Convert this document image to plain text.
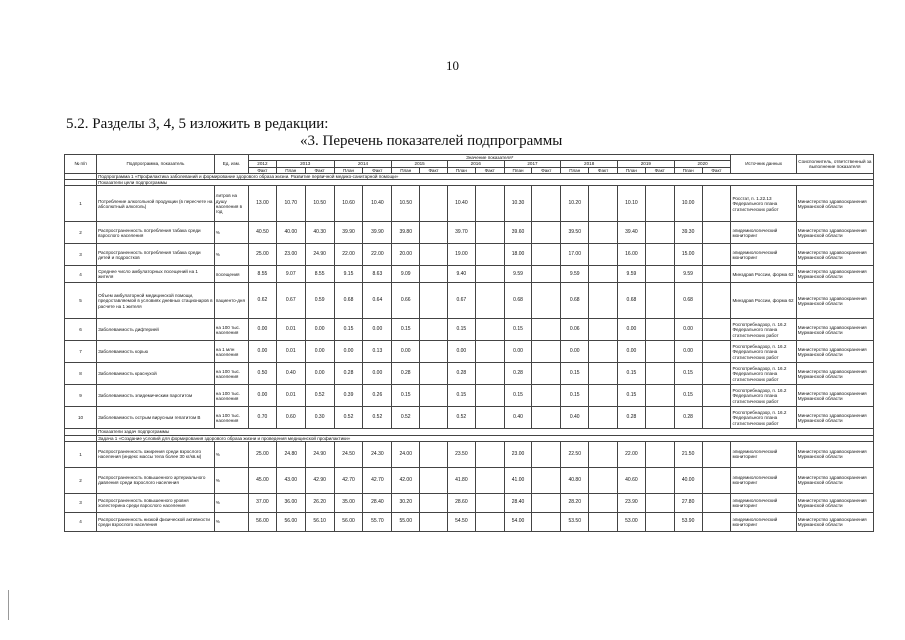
10
5.2. Разделы 3, 4, 5 изложить в редакции:
«3. Перечень показателей подпрограммы
№ п/п	Подпрограмма, показатель	Ед. изм.	Значение показателя*																	Источник данных	Соисполнитель, ответственный за выполнение показателя
			2012	2013		2014		2015		2016		2017		2018		2019		2020			
			Факт	План	Факт	План	Факт	План	Факт	План	Факт	План	Факт	План	Факт	План	Факт	План	Факт		
	Подпрограмма 1 «Профилактика заболеваний и формирование здорового образа жизни. Развитие первичной медико-санитарной помощи»																				
	Показатели цели подпрограммы																				
1	Потребление алкогольной продукции (в пересчете на абсолютный алкоголь)	литров на душу населения в год	13.00	10.70	10.50	10.60	10.40	10.50		10.40		10.30		10.20		10.10		10.00		Росстат, п. 1.22.13 Федерального плана статистических работ	Министерство здравоохранения Мурманской области
2	Распространенность потребления табака среди взрослого населения	%	40.50	40.00	40.30	39.90	39.90	39.80		39.70		39.60		39.50		39.40		39.30		эпидемиологический мониторинг	Министерство здравоохранения Мурманской области
3	Распространенность потребления табака среди детей и подростков	%	25.00	23.00	24.90	22.00	22.00	20.00		19.00		18.00		17.00		16.00		15.00		эпидемиологический мониторинг	Министерство здравоохранения Мурманской области
4	Среднее число амбулаторных посещений на 1 жителя	посещения	8.55	9.07	8.55	9.15	8.63	9.09		9.40		9.59		9.59		9.59		9.59		Минздрав России, форма 62	Министерство здравоохранения Мурманской области
5	Объем амбулаторной медицинской помощи, предоставляемой в условиях дневных стационаров в расчете на 1 жителя	пациенто-дня	0.62	0.67	0.59	0.68	0.64	0.66		0.67		0.68		0.68		0.68		0.68		Минздрав России, форма 62	Министерство здравоохранения Мурманской области
6	Заболеваемость дифтерией	на 100 тыс. населения	0.00	0.01	0.00	0.15	0.00	0.15		0.15		0.15		0.06		0.00		0.00		Роспотребнадзор, п. 16.2 Федерального плана статистических работ	Министерство здравоохранения Мурманской области
7	Заболеваемость корью	на 1 млн населения	0.00	0.01	0.00	0.00	0.13	0.00		0.00		0.00		0.00		0.00		0.00		Роспотребнадзор, п. 16.2 Федерального плана статистических работ	Министерство здравоохранения Мурманской области
8	Заболеваемость краснухой	на 100 тыс. населения	0.50	0.40	0.00	0.28	0.00	0.28		0.28		0.28		0.15		0.15		0.15		Роспотребнадзор, п. 16.2 Федерального плана статистических работ	Министерство здравоохранения Мурманской области
9	Заболеваемость эпидемическим паротитом	на 100 тыс. населения	0.00	0.01	0.52	0.39	0.26	0.15		0.15		0.15		0.15		0.15		0.15		Роспотребнадзор, п. 16.2 Федерального плана статистических работ	Министерство здравоохранения Мурманской области
10	Заболеваемость острым вирусным гепатитом В	на 100 тыс. населения	0.70	0.60	0.30	0.52	0.52	0.52		0.52		0.40		0.40		0.28		0.28		Роспотребнадзор, п. 16.2 Федерального плана статистических работ	Министерство здравоохранения Мурманской области
	Показатели задач подпрограммы																				
	Задача 1 «Создание условий для формирования здорового образа жизни и проведения медицинской профилактики»																				
1	Распространенность ожирения среди взрослого населения (индекс массы тела более 30 кг/кв.м)	%	25.00	24.80	24.90	24.50	24.30	24.00		23.50		23.00		22.50		22.00		21.50		эпидемиологический мониторинг	Министерство здравоохранения Мурманской области
2	Распространенность повышенного артериального давления среди взрослого населения	%	45.00	43.00	42.90	42.70	42.70	42.00		41.80		41.00		40.80		40.60		40.00		эпидемиологический мониторинг	Министерство здравоохранения Мурманской области
3	Распространенность повышенного уровня холестерина среди взрослого населения	%	37.00	36.00	26.20	35.00	28.40	30.20		28.60		28.40		28.20		23.90		27.80		эпидемиологический мониторинг	Министерство здравоохранения Мурманской области
4	Распространенность низкой физической активности среди взрослого населения	%	56.00	56.00	56.10	56.00	55.70	55.00		54.50		54.00		53.50		53.00		53.90		эпидемиологический мониторинг	Министерство здравоохранения Мурманской области
